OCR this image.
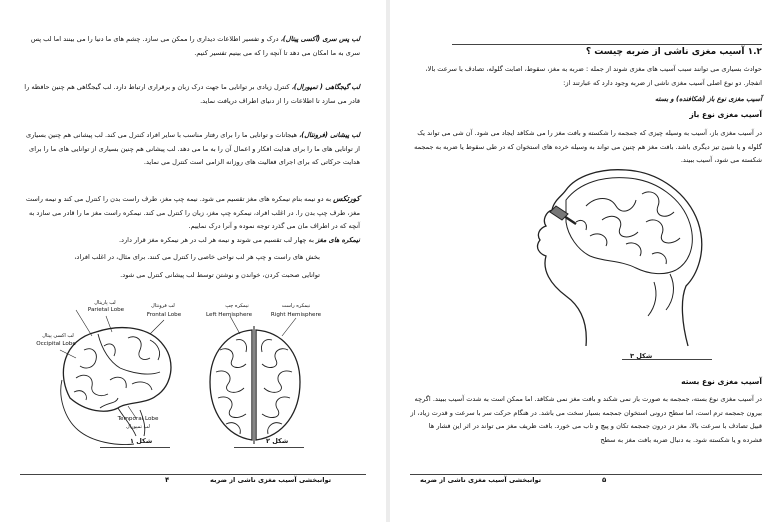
لب پس سری (آکسی پیتال)، درک و تفسیر اطلاعات دیداری را ممکن می سازد. چشم های ما دنیا را می بینند اما لب پس سری به ما امکان می دهد تا آنچه را که می بینیم تفسیر کنیم.
لب گیجگاهی ( تمپورال)، کنترل زیادی بر توانایی ما جهت درک زبان و برقراری ارتباط دارد. لب گیجگاهی هم چنین حافظه را قادر می سازد تا اطلاعات را از دنیای اطراف دریافت نماید.
لب پیشانی (فرونتال)، هیجانات و توانایی ما را برای رفتار مناسب با سایر افراد کنترل می کند. لب پیشانی هم چنین بسیاری از توانایی های ما را برای هدایت افکار و اعمال آن را به ما می دهد. لب پیشانی هم چنین بسیاری از توانایی های ما را برای هدایت حرکاتی که برای اجرای فعالیت های روزانه الزامی است کنترل می نماید.
کورتکس به دو نیمه بنام نیمکره های مغز تقسیم می شود. نیمه چپ مغز، طرف راست بدن را کنترل می کند و نیمه راست مغز، طرف چپ بدن را. در اغلب افراد، نیمکره چپ مغز، زبان را کنترل می کند. نیمکره راست مغز ما را قادر می سازد به آنچه که در اطراف مان می گذرد توجه نموده و آنرا درک نماییم.
نیمکره های مغز به چهار لب تقسیم می شوند و نیمه هر لب در هر نیمکره مغز قرار دارد.
بخش های راست و چپ هر لب نواحی خاصی را کنترل می کنند. برای مثال، در اغلب افراد،
توانایی صحبت کردن، خواندن و نوشتن توسط لب پیشانی کنترل می شود.
لب پاریتال
Parietal Lobe
لب فرونتال
Frontal Lobe
لب اکسی پیتال
Occipital Lobe
Temporal Lobe
لب تمپورال
شکل ۱
نیمکره چپ
Left Hemisphere
نیمکره راست
Right Hemisphere
شکل ۲
توانبخشی آسیب مغزی ناشی از ضربه
۴
۱.۲ آسیب مغزی ناشی از ضربه چیست ؟
حوادث بسیاری می توانند سبب آسیب های مغزی شوند از جمله : ضربه به مغز، سقوط، اصابت گلوله، تصادف با سرعت بالا، انفجار. دو نوع اصلی آسیب مغزی ناشی از ضربه وجود دارد که عبارتند از:
آسیب مغزی نوع باز (شکافنده) و بسته
آسیب مغزی نوع باز
در آسیب مغزی باز، آسیب به وسیله چیزی که جمجمه را شکسته و بافت مغز را می شکافد ایجاد می شود. آن شی می تواند یک گلوله و یا شیئ تیز دیگری باشد. بافت مغز هم چنین می تواند به وسیله خرده های استخوان که در طی سقوط یا ضربه به جمجمه شکسته می شود، آسیب ببیند.
شکل ۳
آسیب مغزی نوع بسته
در آسیب مغزی نوع بسته، جمجمه به صورت باز نمی شکند و بافت مغز نمی شکافد. اما ممکن است به شدت آسیب ببیند. اگرچه بیرون جمجمه ترم است، اما سطح درونی استخوان جمجمه بسیار سخت می باشد. در هنگام حرکت سر با سرعت و قدرت زیاد، از قبیل تصادف با سرعت بالا، مغز در درون جمجمه تکان و پیچ و تاب می خورد. بافت ظریف مغز می تواند در اثر این فشار ها فشرده و یا شکسته شود. به دنبال ضربه بافت مغز به سطح
توانبخشی آسیب مغزی ناشی از ضربه	۵
